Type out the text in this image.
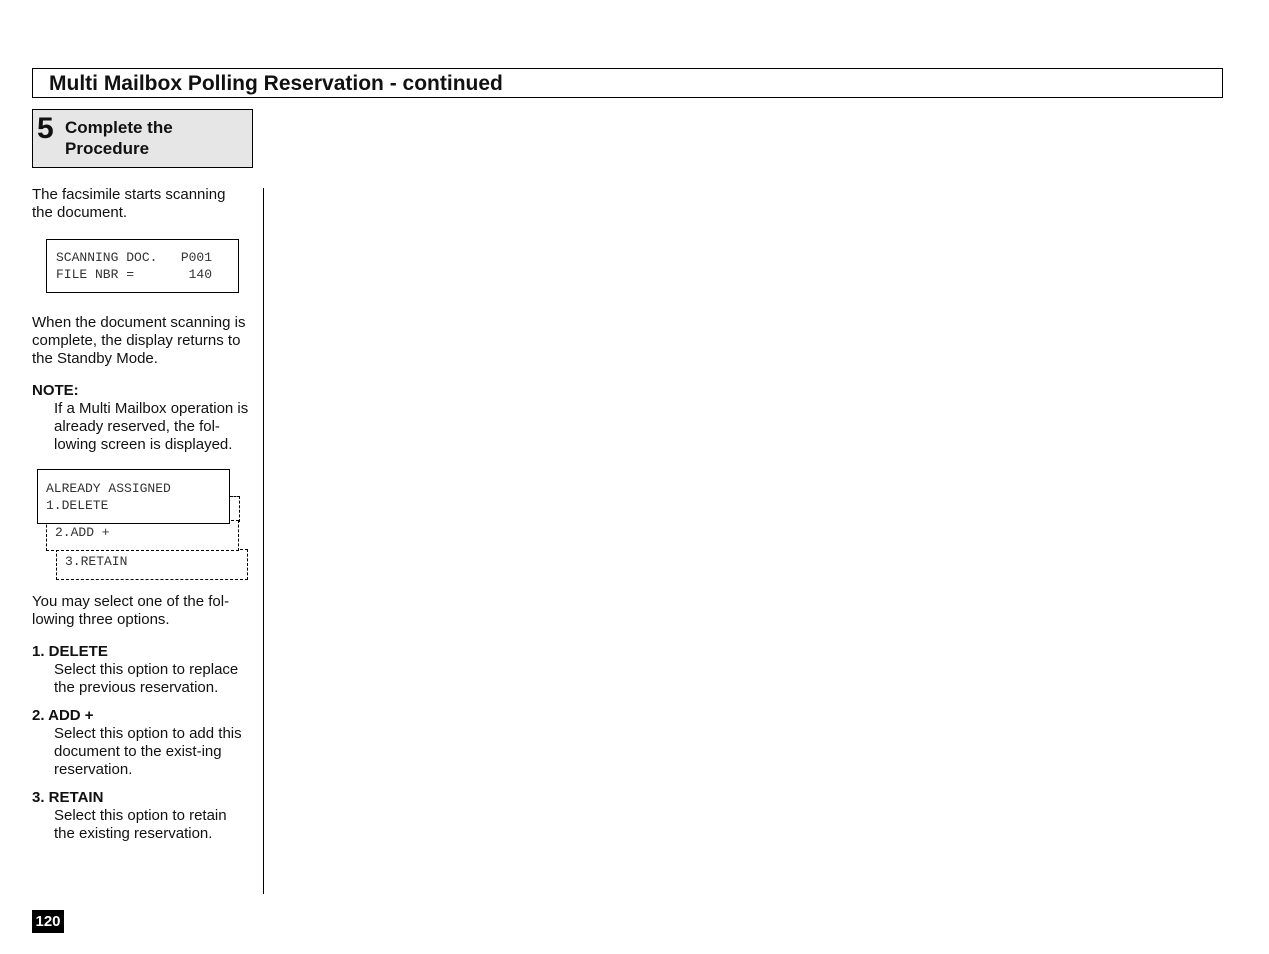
Multi Mailbox Polling Reservation - continued
5 Complete the Procedure

The facsimile starts scanning the document.

SCANNING DOC.   P001
FILE NBR =       140

When the document scanning is complete, the display returns to the Standby Mode.

NOTE:

If a Multi Mailbox operation is already reserved, the fol-lowing screen is displayed.

3.RETAIN
2.ADD +
ALREADY ASSIGNED
1.DELETE

You may select one of the fol-lowing three options.

1. DELETE

Select this option to replace the previous reservation.

2. ADD +

Select this option to add this document to the exist-ing reservation.

3. RETAIN

Select this option to retain the existing reservation.

120
